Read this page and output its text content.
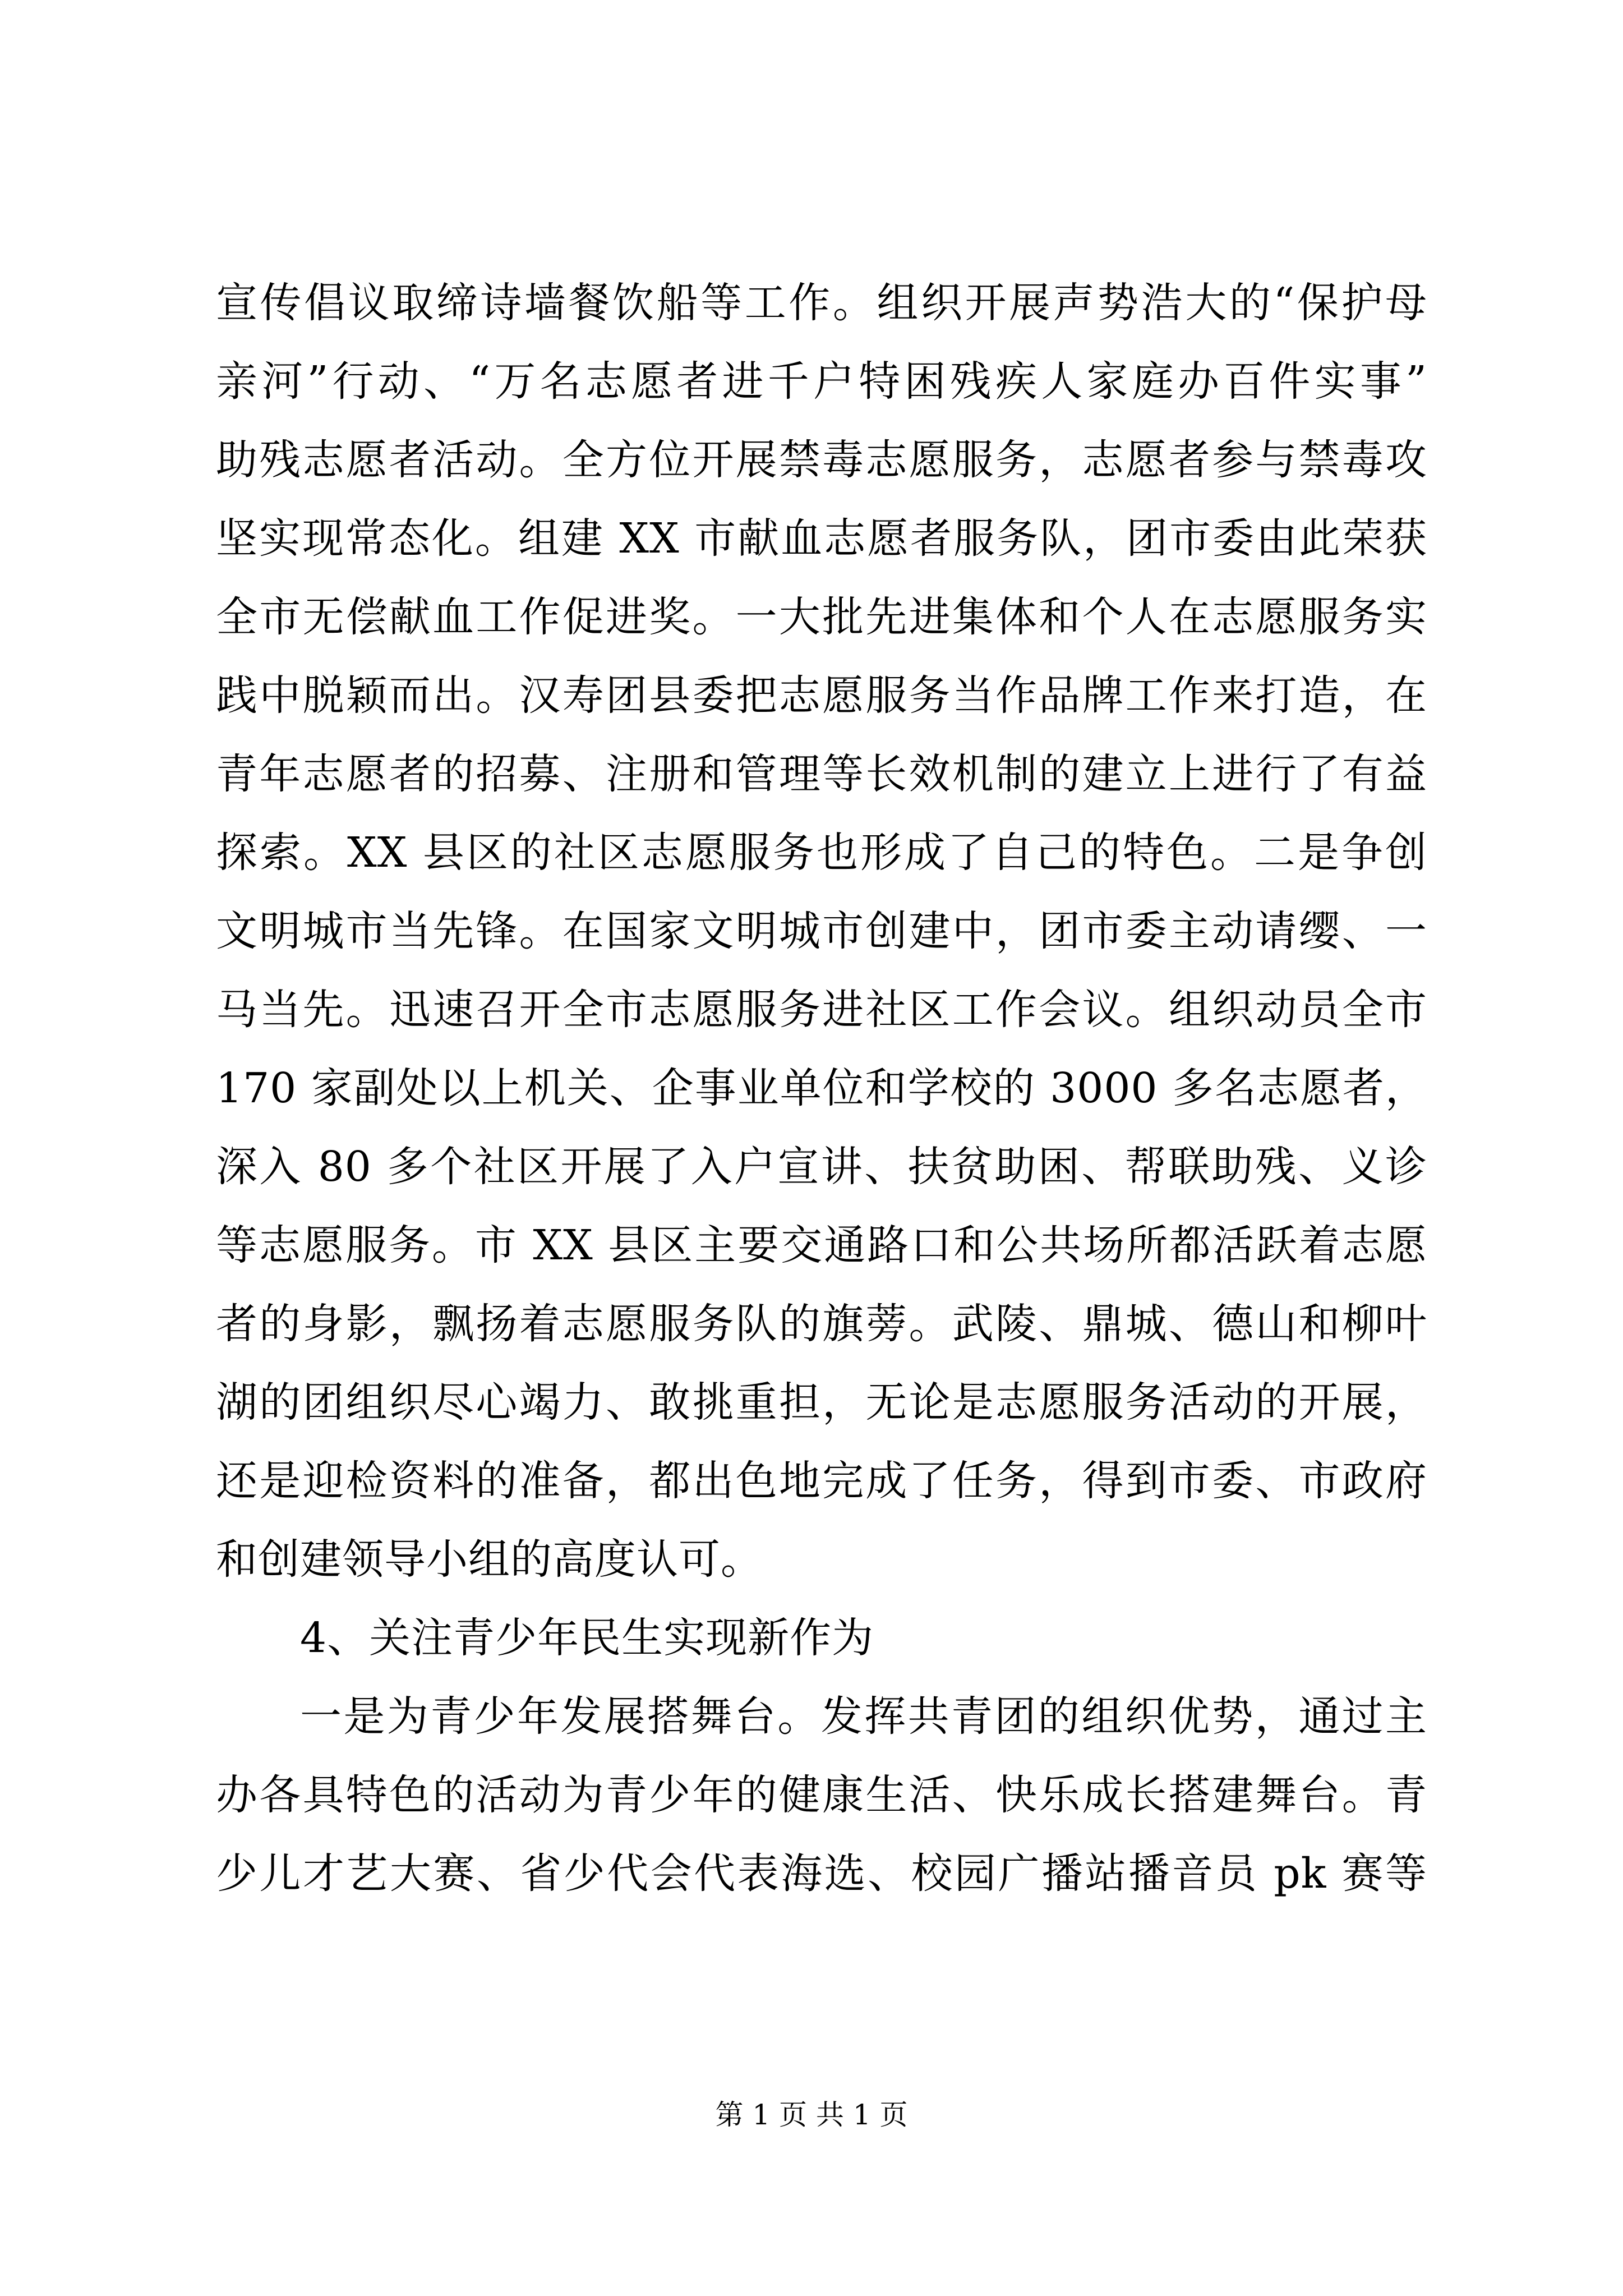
宣传倡议取缔诗墙餐饮船等工作。组织开展声势浩大的“保护母
亲河”行动、“万名志愿者进千户特困残疾人家庭办百件实事”
助残志愿者活动。全方位开展禁毒志愿服务，志愿者参与禁毒攻
坚实现常态化。组建 XX 市献血志愿者服务队，团市委由此荣获
全市无偿献血工作促进奖。一大批先进集体和个人在志愿服务实
践中脱颖而出。汉寿团县委把志愿服务当作品牌工作来打造，在
青年志愿者的招募、注册和管理等长效机制的建立上进行了有益
探索。XX 县区的社区志愿服务也形成了自己的特色。二是争创
文明城市当先锋。在国家文明城市创建中，团市委主动请缨、一
马当先。迅速召开全市志愿服务进社区工作会议。组织动员全市
170 家副处以上机关、企事业单位和学校的 3000 多名志愿者，
深入 80 多个社区开展了入户宣讲、扶贫助困、帮联助残、义诊
等志愿服务。市 XX 县区主要交通路口和公共场所都活跃着志愿
者的身影，飘扬着志愿服务队的旗蒡。武陵、鼎城、德山和柳叶
湖的团组织尽心竭力、敢挑重担，无论是志愿服务活动的开展，
还是迎检资料的准备，都出色地完成了任务，得到市委、市政府
和创建领导小组的高度认可。
4、关注青少年民生实现新作为
一是为青少年发展搭舞台。发挥共青团的组织优势，通过主
办各具特色的活动为青少年的健康生活、快乐成长搭建舞台。青
少儿才艺大赛、省少代会代表海选、校园广播站播音员 pk 赛等
第 1 页 共 1 页
